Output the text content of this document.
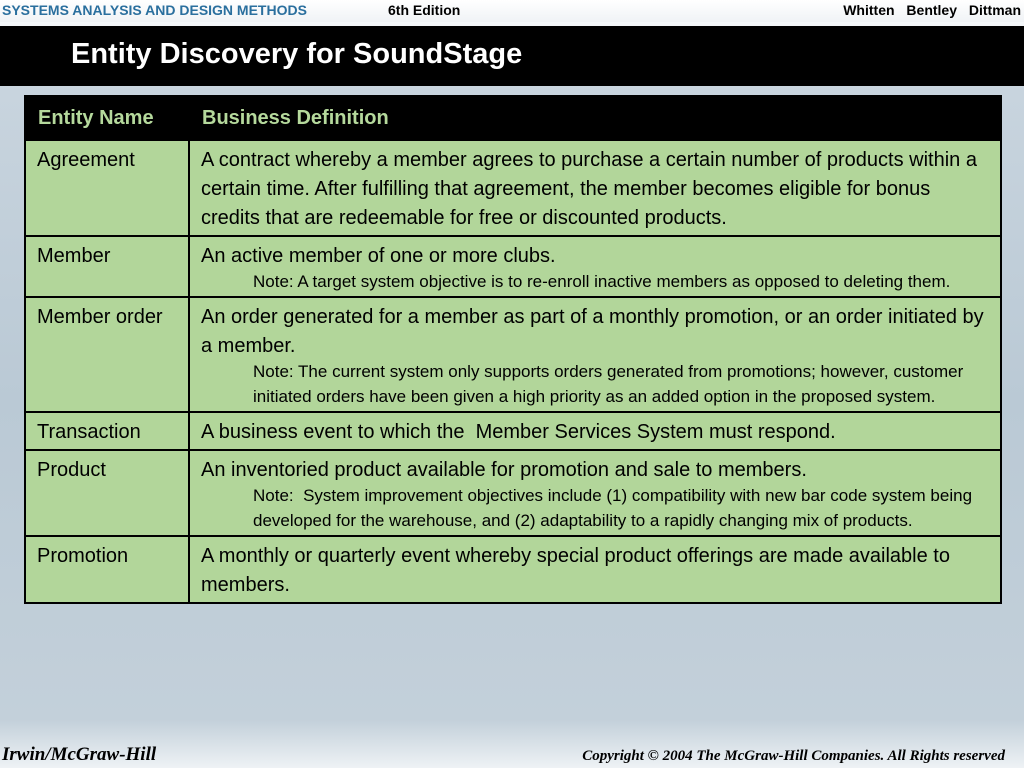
SYSTEMS ANALYSIS AND DESIGN METHODS	6th Edition	Whitten Bentley Dittman
Entity Discovery for SoundStage
Entity Name	Business Definition
Agreement	A contract whereby a member agrees to purchase a certain number of products within a certain time. After fulfilling that agreement, the member becomes eligible for bonus credits that are redeemable for free or discounted products.

Member	An active member of one or more clubs.
Note: A target system objective is to re-enroll inactive members as opposed to deleting them.

Member order	An order generated for a member as part of a monthly promotion, or an order initiated by a member.
Note: The current system only supports orders generated from promotions; however, customer initiated orders have been given a high priority as an added option in the proposed system.

Transaction	A business event to which the  Member Services System must respond.

Product	An inventoried product available for promotion and sale to members.
Note:  System improvement objectives include (1) compatibility with new bar code system being developed for the warehouse, and (2) adaptability to a rapidly changing mix of products.

Promotion	A monthly or quarterly event whereby special product offerings are made available to members.
Irwin/McGraw-Hill	Copyright © 2004 The McGraw-Hill Companies. All Rights reserved
